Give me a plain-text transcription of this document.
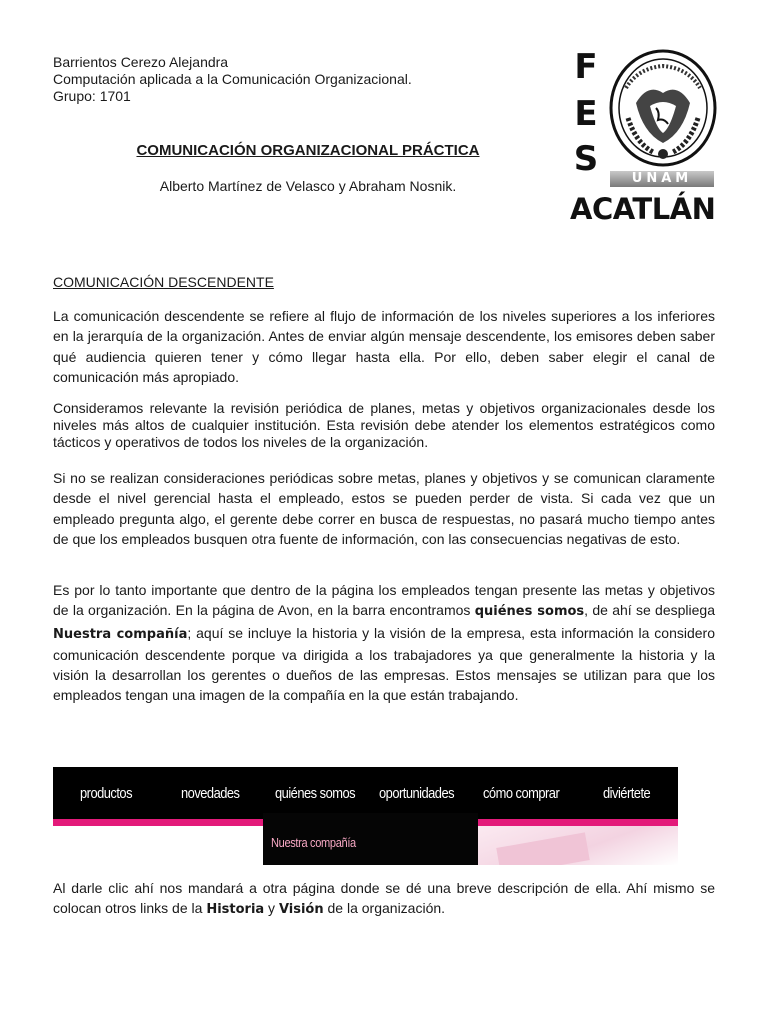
Barrientos Cerezo Alejandra

Computación aplicada a la Comunicación Organizacional.

Grupo: 1701

F
E
S	UNAM
ACATLÁN

COMUNICACIÓN ORGANIZACIONAL PRÁCTICA

Alberto Martínez de Velasco y Abraham Nosnik.

COMUNICACIÓN DESCENDENTE

La comunicación descendente se refiere al flujo de información de los niveles superiores a los inferiores en la jerarquía de la organización. Antes de enviar algún mensaje descendente, los emisores deben saber qué audiencia quieren tener y cómo llegar hasta ella. Por ello, deben saber elegir el canal de comunicación más apropiado.

Consideramos relevante la revisión periódica de planes, metas y objetivos organizacionales desde los niveles más altos de cualquier institución. Esta revisión debe atender los elementos estratégicos como tácticos y operativos de todos los niveles de la organización.

Si no se realizan consideraciones periódicas sobre metas, planes y objetivos y se comunican claramente desde el nivel gerencial hasta el empleado, estos se pueden perder de vista. Si cada vez que un empleado pregunta algo, el gerente debe correr en busca de respuestas, no pasará mucho tiempo antes de que los empleados busquen otra fuente de información, con las consecuencias negativas de esto.

Es por lo tanto importante que dentro de la página los empleados tengan presente las metas y objetivos de la organización. En la página de Avon, en la barra encontramos quiénes somos, de ahí se despliega Nuestra compañía; aquí se incluye la historia y la visión de la empresa, esta información la considero comunicación descendente porque va dirigida a los trabajadores ya que generalmente la historia y la visión la desarrollan los gerentes o dueños de las empresas. Estos mensajes se utilizan para que los empleados tengan una imagen de la compañía en la que están trabajando.

productos	novedades quiénes somos oportunidades cómo comprar	diviértete
Nuestra compañía

Al darle clic ahí nos mandará a otra página donde se dé una breve descripción de ella. Ahí mismo se colocan otros links de la Historia y Visión de la organización.
